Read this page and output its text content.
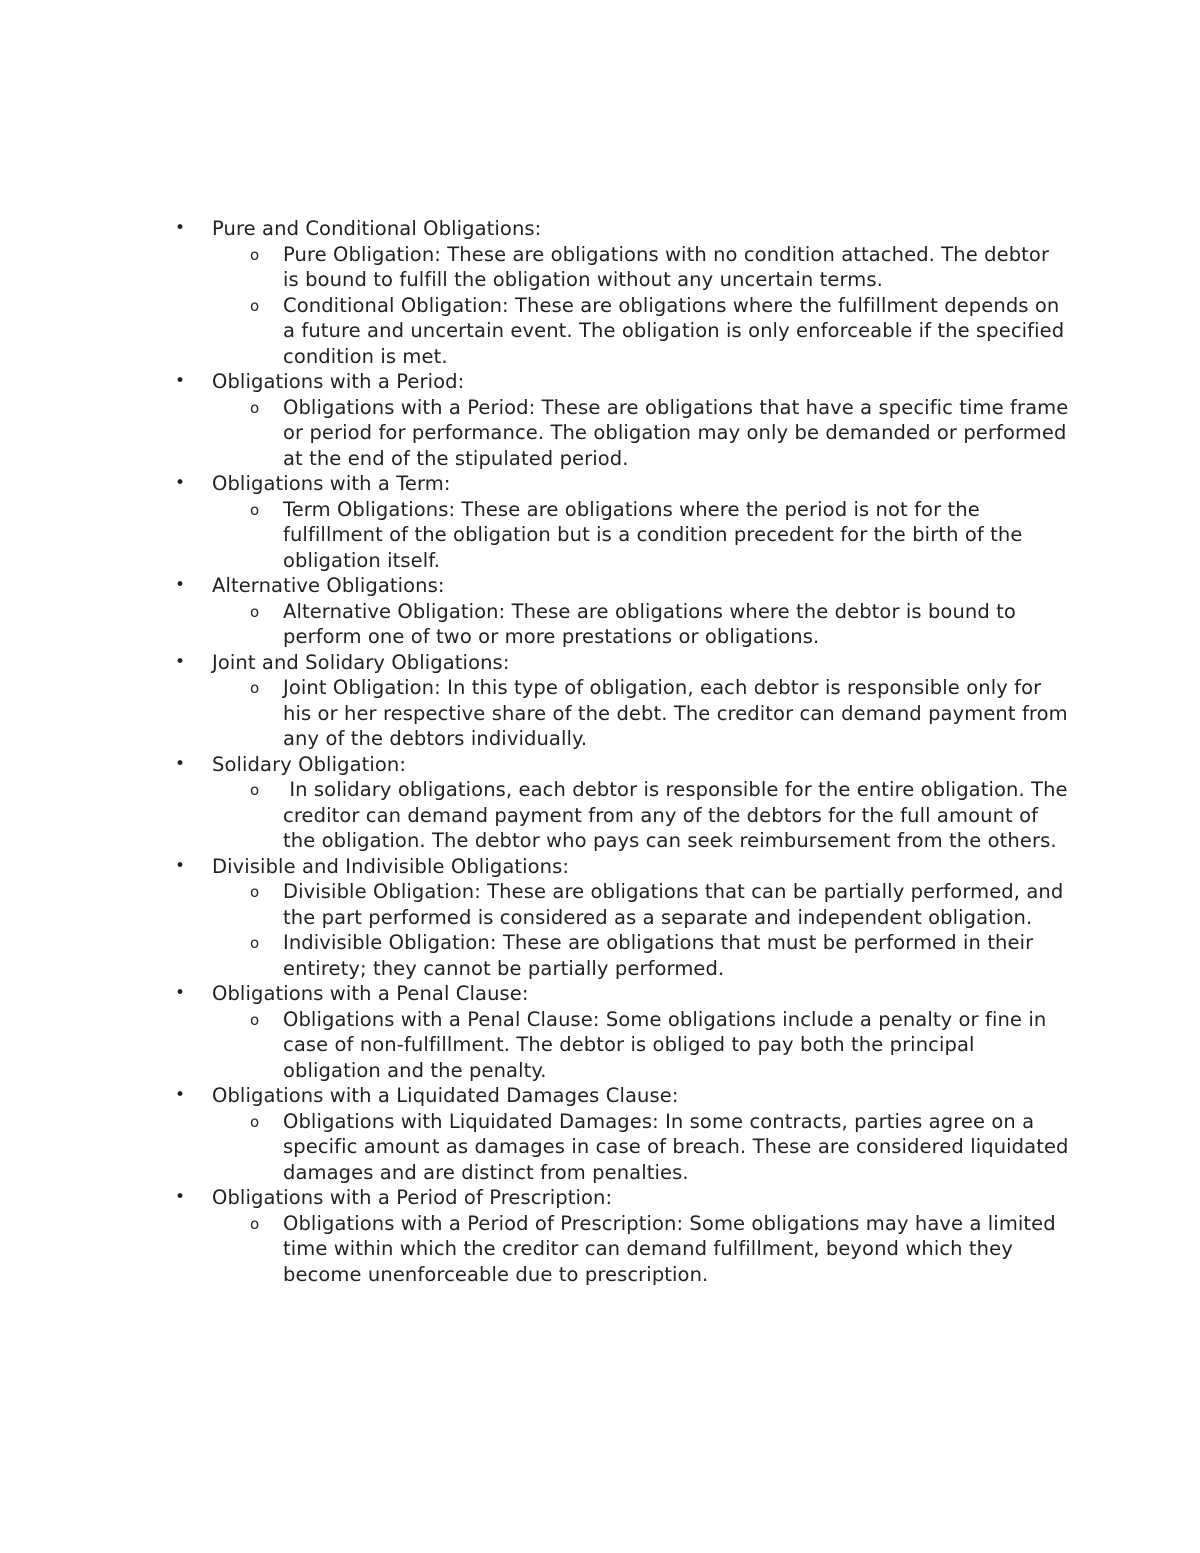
• Pure and Conditional Obligations:
o Pure Obligation: These are obligations with no condition attached. The debtor is bound to fulfill the obligation without any uncertain terms.
o Conditional Obligation: These are obligations where the fulfillment depends on a future and uncertain event. The obligation is only enforceable if the specified condition is met.
• Obligations with a Period:
o Obligations with a Period: These are obligations that have a specific time frame or period for performance. The obligation may only be demanded or performed at the end of the stipulated period.
• Obligations with a Term:
o Term Obligations: These are obligations where the period is not for the fulfillment of the obligation but is a condition precedent for the birth of the obligation itself.
• Alternative Obligations:
o Alternative Obligation: These are obligations where the debtor is bound to perform one of two or more prestations or obligations.
• Joint and Solidary Obligations:
o Joint Obligation: In this type of obligation, each debtor is responsible only for his or her respective share of the debt. The creditor can demand payment from any of the debtors individually.
• Solidary Obligation:
o In solidary obligations, each debtor is responsible for the entire obligation. The creditor can demand payment from any of the debtors for the full amount of the obligation. The debtor who pays can seek reimbursement from the others.
• Divisible and Indivisible Obligations:
o Divisible Obligation: These are obligations that can be partially performed, and the part performed is considered as a separate and independent obligation.
o Indivisible Obligation: These are obligations that must be performed in their entirety; they cannot be partially performed.
• Obligations with a Penal Clause:
o Obligations with a Penal Clause: Some obligations include a penalty or fine in case of non-fulfillment. The debtor is obliged to pay both the principal obligation and the penalty.
• Obligations with a Liquidated Damages Clause:
o Obligations with Liquidated Damages: In some contracts, parties agree on a specific amount as damages in case of breach. These are considered liquidated damages and are distinct from penalties.
• Obligations with a Period of Prescription:
o Obligations with a Period of Prescription: Some obligations may have a limited time within which the creditor can demand fulfillment, beyond which they become unenforceable due to prescription.
